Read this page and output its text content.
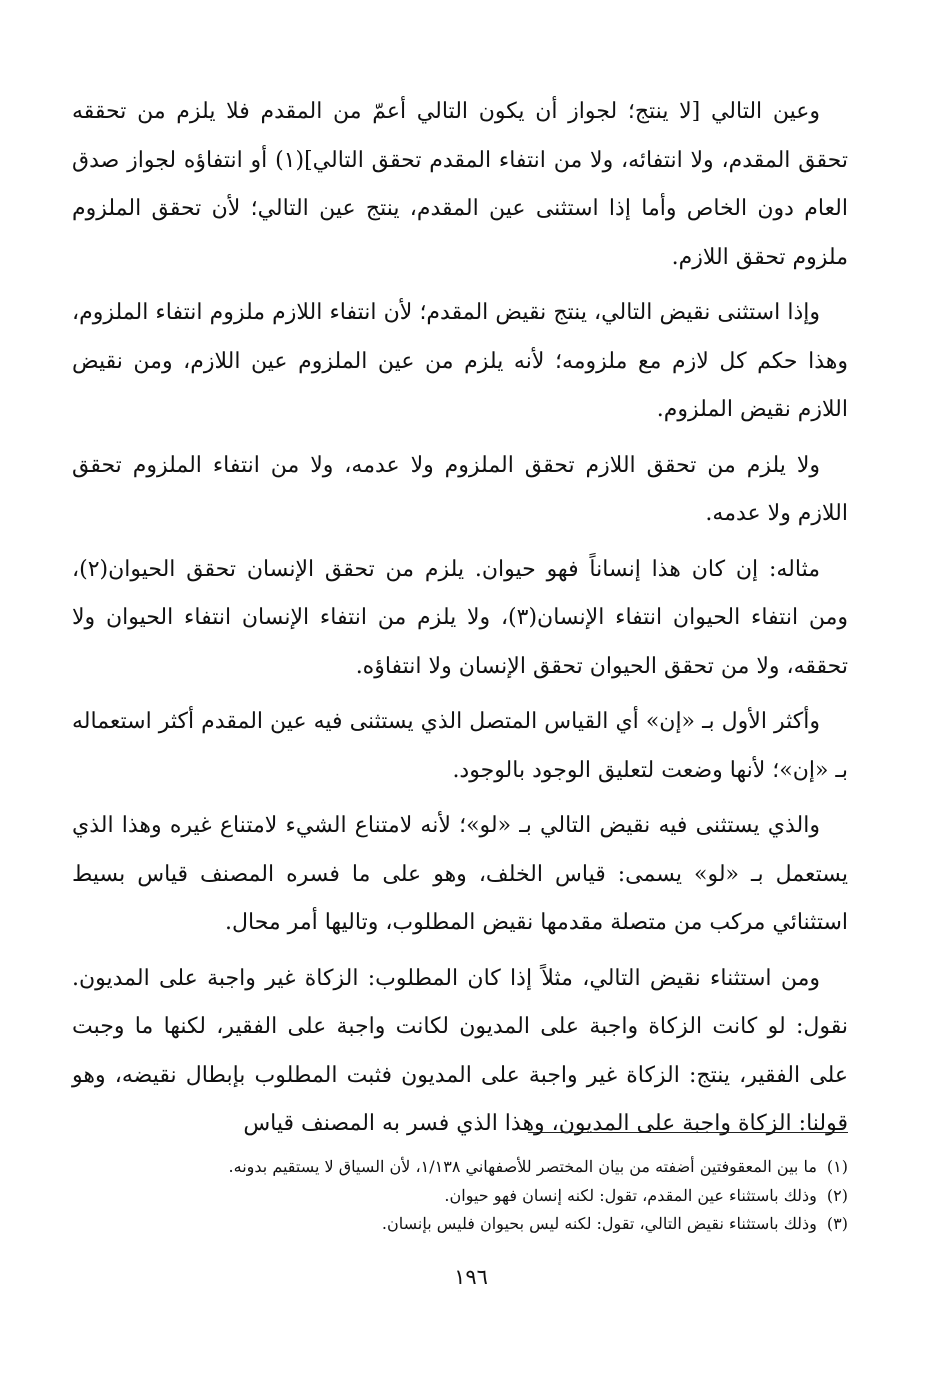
وعين التالي [لا ينتج؛ لجواز أن يكون التالي أعمّ من المقدم فلا يلزم من تحققه تحقق المقدم، ولا انتفائه، ولا من انتفاء المقدم تحقق التالي](١) أو انتفاؤه لجواز صدق العام دون الخاص وأما إذا استثنى عين المقدم، ينتج عين التالي؛ لأن تحقق الملزوم ملزوم تحقق اللازم.

وإذا استثنى نقيض التالي، ينتج نقيض المقدم؛ لأن انتفاء اللازم ملزوم انتفاء الملزوم، وهذا حكم كل لازم مع ملزومه؛ لأنه يلزم من عين الملزوم عين اللازم، ومن نقيض اللازم نقيض الملزوم.

ولا يلزم من تحقق اللازم تحقق الملزوم ولا عدمه، ولا من انتفاء الملزوم تحقق اللازم ولا عدمه.

مثاله: إن كان هذا إنساناً فهو حيوان. يلزم من تحقق الإنسان تحقق الحيوان(٢)، ومن انتفاء الحيوان انتفاء الإنسان(٣)، ولا يلزم من انتفاء الإنسان انتفاء الحيوان ولا تحققه، ولا من تحقق الحيوان تحقق الإنسان ولا انتفاؤه.

وأكثر الأول بـ «إن» أي القياس المتصل الذي يستثنى فيه عين المقدم أكثر استعماله بـ «إن»؛ لأنها وضعت لتعليق الوجود بالوجود.

والذي يستثنى فيه نقيض التالي بـ «لو»؛ لأنه لامتناع الشيء لامتناع غيره وهذا الذي يستعمل بـ «لو» يسمى: قياس الخلف، وهو على ما فسره المصنف قياس بسيط استثنائي مركب من متصلة مقدمها نقيض المطلوب، وتاليها أمر محال.

ومن استثناء نقيض التالي، مثلاً إذا كان المطلوب: الزكاة غير واجبة على المديون. نقول: لو كانت الزكاة واجبة على المديون لكانت واجبة على الفقير، لكنها ما وجبت على الفقير، ينتج: الزكاة غير واجبة على المديون فثبت المطلوب بإبطال نقيضه، وهو قولنا: الزكاة واجبة على المديون، وهذا الذي فسر به المصنف قياس

(١)ما بين المعقوفتين أضفته من بيان المختصر للأصفهاني ١/١٣٨، لأن السياق لا يستقيم بدونه.

(٢)وذلك باستثناء عين المقدم، تقول: لكنه إنسان فهو حيوان.

(٣)وذلك باستثناء نقيض التالي، تقول: لكنه ليس بحيوان فليس بإنسان.

١٩٦
